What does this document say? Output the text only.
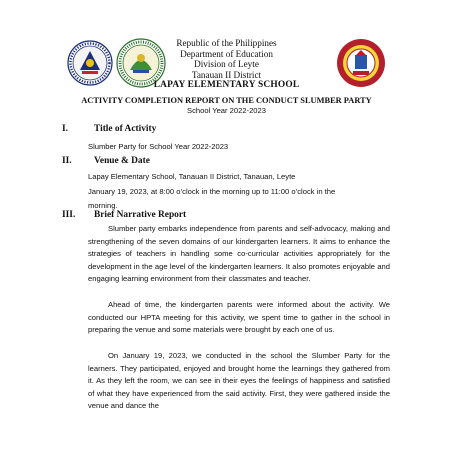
Republic of the Philippines
Department of Education
Division of Leyte
Tanauan II District
LAPAY ELEMENTARY SCHOOL
ACTIVITY COMPLETION REPORT ON THE CONDUCT SLUMBER PARTY
School Year 2022-2023
I.	Title of Activity
Slumber Party for School Year 2022-2023
II. Venue & Date
Lapay Elementary School, Tanauan II District, Tanauan, Leyte
January 19, 2023, at 8:00 o’clock in the morning up to 11:00 o’clock in the
morning.
III. Brief Narrative Report

Slumber party embarks independence from parents and self-advocacy, making and strengthening of the seven domains of our kindergarten learners. It aims to enhance the strategies of teachers in handling some co-curricular activities appropriately for the development in the age level of the kindergarten learners. It also promotes enjoyable and engaging learning environment from their classmates and teacher.

Ahead of time, the kindergarten parents were informed about the activity. We conducted our HPTA meeting for this activity, we spent time to gather in the school in preparing the venue and some materials were brought by each one of us.

On January 19, 2023, we conducted in the school the Slumber Party for the learners. They participated, enjoyed and brought home the learnings they gathered from it. As they left the room, we can see in their eyes the feelings of happiness and satisfied of what they have experienced from the said activity. First, they were gathered inside the venue and dance the
